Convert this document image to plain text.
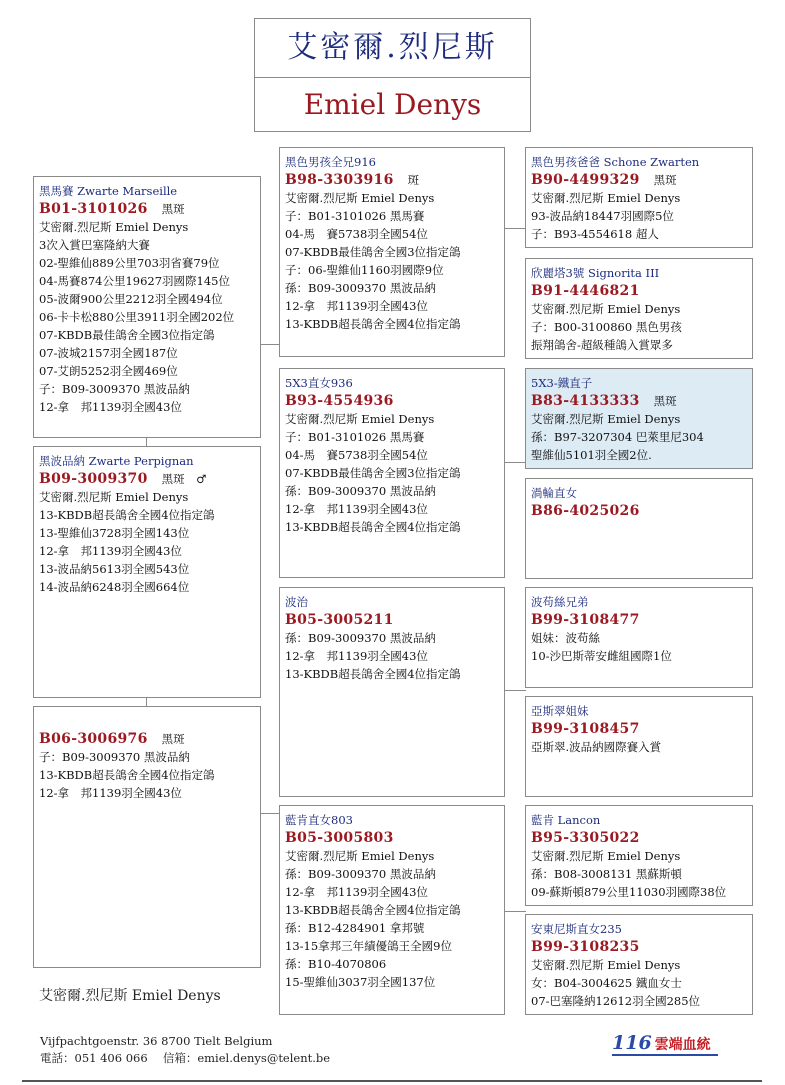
艾密爾.烈尼斯
Emiel Denys
黑馬賽 Zwarte Marseille
B01-3101026 黑斑
艾密爾.烈尼斯 Emiel Denys
3次入賞巴塞隆納大賽
02-聖維仙889公里703羽省賽79位
04-馬賽874公里19627羽國際145位
05-波爾900公里2212羽全國494位
06-卡卡松880公里3911羽全國202位
07-KBDB最佳鴿舍全國3位指定鴿
07-波城2157羽全國187位
07-艾朗5252羽全國469位
子：B09-3009370 黑波品納
12-拿　邦1139羽全國43位
黑波品納 Zwarte Perpignan
B09-3009370 黑斑　♂
艾密爾.烈尼斯 Emiel Denys
13-KBDB超長鴿舍全國4位指定鴿
13-聖維仙3728羽全國143位
12-拿　邦1139羽全國43位
13-波品納5613羽全國543位
14-波品納6248羽全國664位
B06-3006976 黑斑
子：B09-3009370 黑波品納
13-KBDB超長鴿舍全國4位指定鴿
12-拿　邦1139羽全國43位
黑色男孩全兄916
B98-3303916 斑
艾密爾.烈尼斯 Emiel Denys
子：B01-3101026 黑馬賽
04-馬　賽5738羽全國54位
07-KBDB最佳鴿舍全國3位指定鴿
子：06-聖維仙1160羽國際9位
孫：B09-3009370 黑波品納
12-拿　邦1139羽全國43位
13-KBDB超長鴿舍全國4位指定鴿
5X3直女936
B93-4554936
艾密爾.烈尼斯 Emiel Denys
子：B01-3101026 黑馬賽
04-馬　賽5738羽全國54位
07-KBDB最佳鴿舍全國3位指定鴿
孫：B09-3009370 黑波品納
12-拿　邦1139羽全國43位
13-KBDB超長鴿舍全國4位指定鴿
波治
B05-3005211
孫：B09-3009370 黑波品納
12-拿　邦1139羽全國43位
13-KBDB超長鴿舍全國4位指定鴿
藍肯直女803
B05-3005803
艾密爾.烈尼斯 Emiel Denys
孫：B09-3009370 黑波品納
12-拿　邦1139羽全國43位
13-KBDB超長鴿舍全國4位指定鴿
孫：B12-4284901 拿邦號
13-15拿邦三年績優鴿王全國9位
孫：B10-4070806
15-聖維仙3037羽全國137位
黑色男孩爸爸 Schone Zwarten
B90-4499329 黑斑
艾密爾.烈尼斯 Emiel Denys
93-波品納18447羽國際5位
子：B93-4554618 超人
欣麗塔3號 Signorita III
B91-4446821
艾密爾.烈尼斯 Emiel Denys
子：B00-3100860 黑色男孩
振翔鴿舍-超級種鴿入賞眾多
5X3-鐵直子
B83-4133333 黑斑
艾密爾.烈尼斯 Emiel Denys
孫：B97-3207304 巴萊里尼304
聖維仙5101羽全國2位.
渦輪直女
B86-4025026
波苟絲兄弟
B99-3108477
姐妹：波苟絲
10-沙巴斯蒂安雌組國際1位
亞斯翠姐妹
B99-3108457
亞斯翠.波品納國際賽入賞
藍肯 Lancon
B95-3305022
艾密爾.烈尼斯 Emiel Denys
孫：B08-3008131 黑蘇斯頓
09-蘇斯頓879公里11030羽國際38位
安東尼斯直女235
B99-3108235
艾密爾.烈尼斯 Emiel Denys
女：B04-3004625 鐵血女士
07-巴塞隆納12612羽全國285位
艾密爾.烈尼斯 Emiel Denys
Vijfpachtgoenstr. 36 8700 Tielt Belgium
電話：051 406 066　 信箱：emiel.denys@telent.be
116 雲端血統
